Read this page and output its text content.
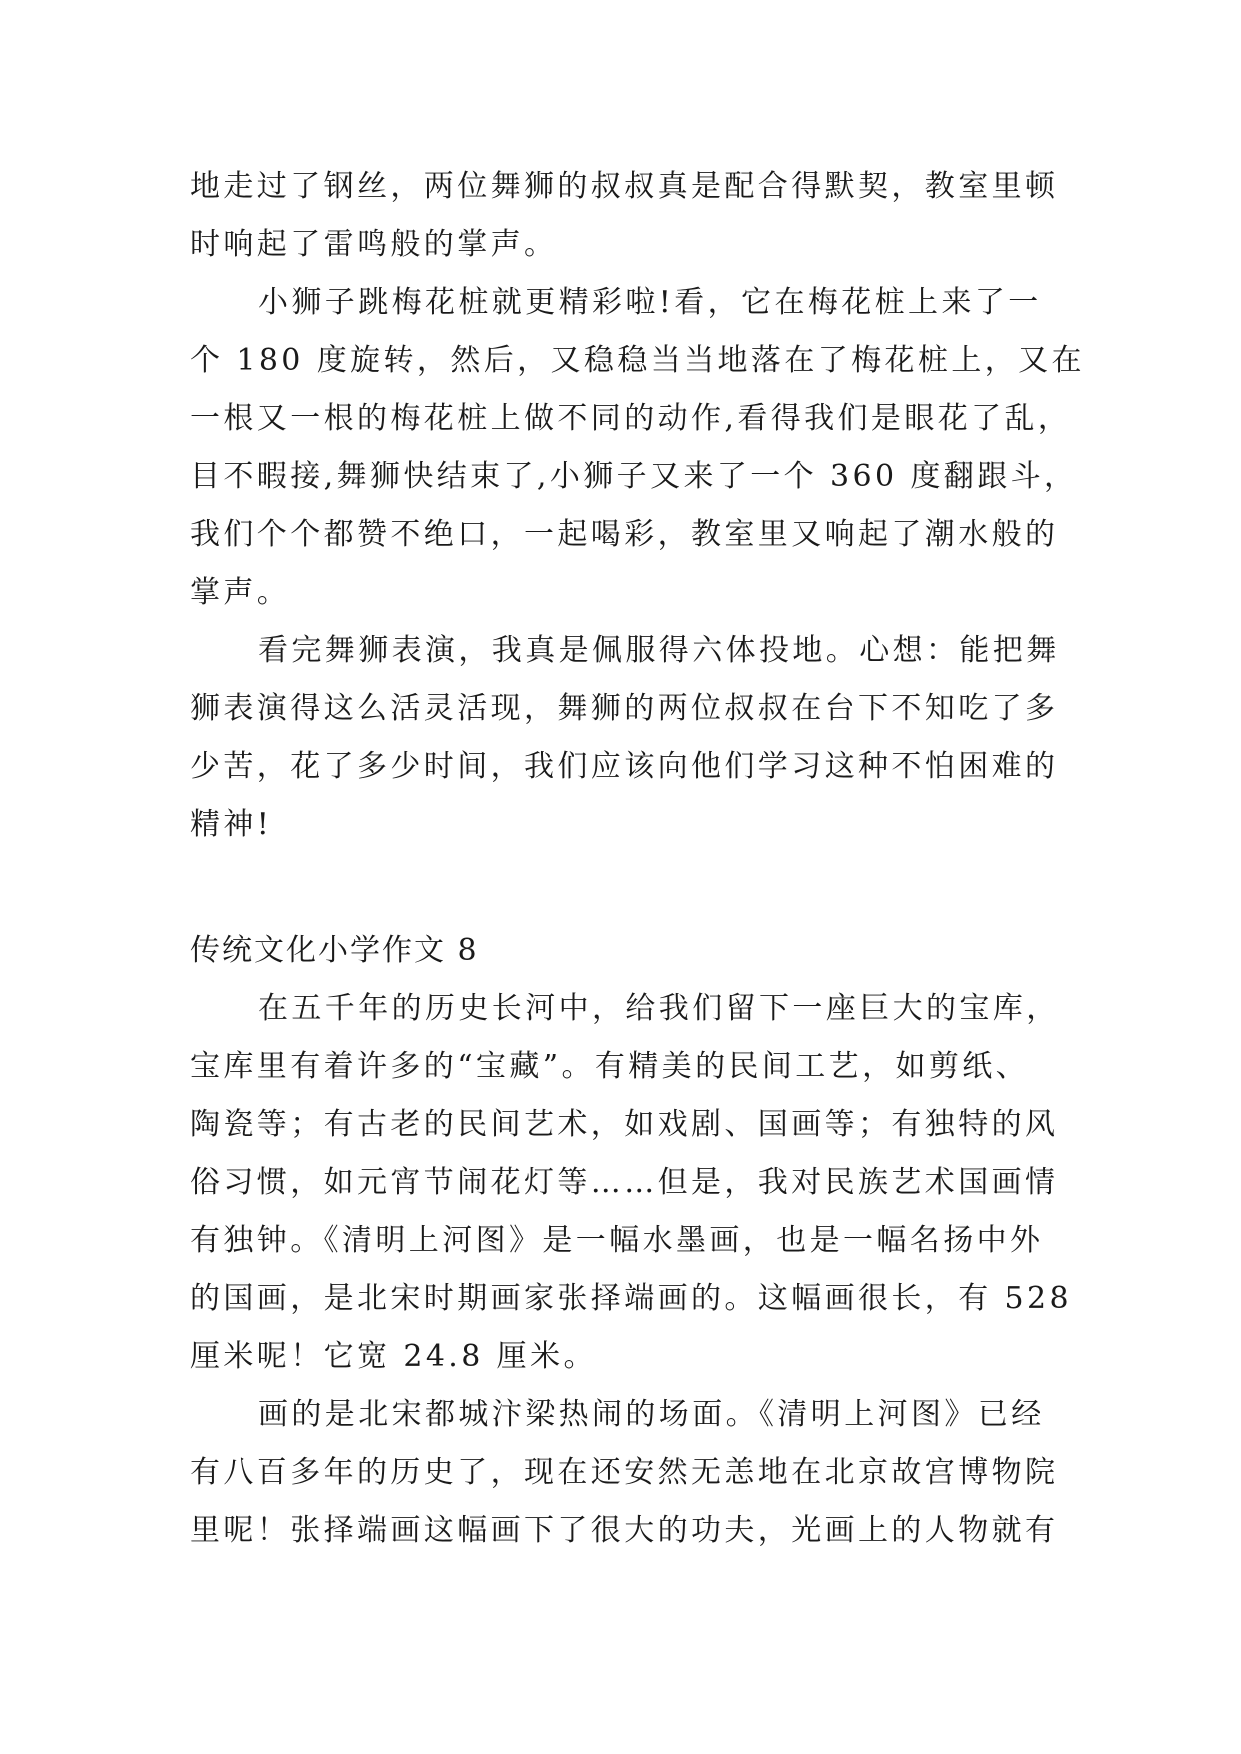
地走过了钢丝，两位舞狮的叔叔真是配合得默契，教室里顿
时响起了雷鸣般的掌声。
小狮子跳梅花桩就更精彩啦!看，它在梅花桩上来了一
个 180 度旋转，然后，又稳稳当当地落在了梅花桩上，又在
一根又一根的梅花桩上做不同的动作,看得我们是眼花了乱，
目不暇接,舞狮快结束了,小狮子又来了一个 360 度翻跟斗，
我们个个都赞不绝口，一起喝彩，教室里又响起了潮水般的
掌声。
看完舞狮表演，我真是佩服得六体投地。心想：能把舞
狮表演得这么活灵活现，舞狮的两位叔叔在台下不知吃了多
少苦，花了多少时间，我们应该向他们学习这种不怕困难的
精神!
传统文化小学作文 8
在五千年的历史长河中，给我们留下一座巨大的宝库，
宝库里有着许多的“宝藏”。有精美的民间工艺，如剪纸、
陶瓷等；有古老的民间艺术，如戏剧、国画等；有独特的风
俗习惯，如元宵节闹花灯等……但是，我对民族艺术国画情
有独钟。《清明上河图》是一幅水墨画，也是一幅名扬中外
的国画，是北宋时期画家张择端画的。这幅画很长，有 528
厘米呢！它宽 24.8 厘米。
画的是北宋都城汴梁热闹的场面。《清明上河图》已经
有八百多年的历史了，现在还安然无恙地在北京故宫博物院
里呢！张择端画这幅画下了很大的功夫，光画上的人物就有
